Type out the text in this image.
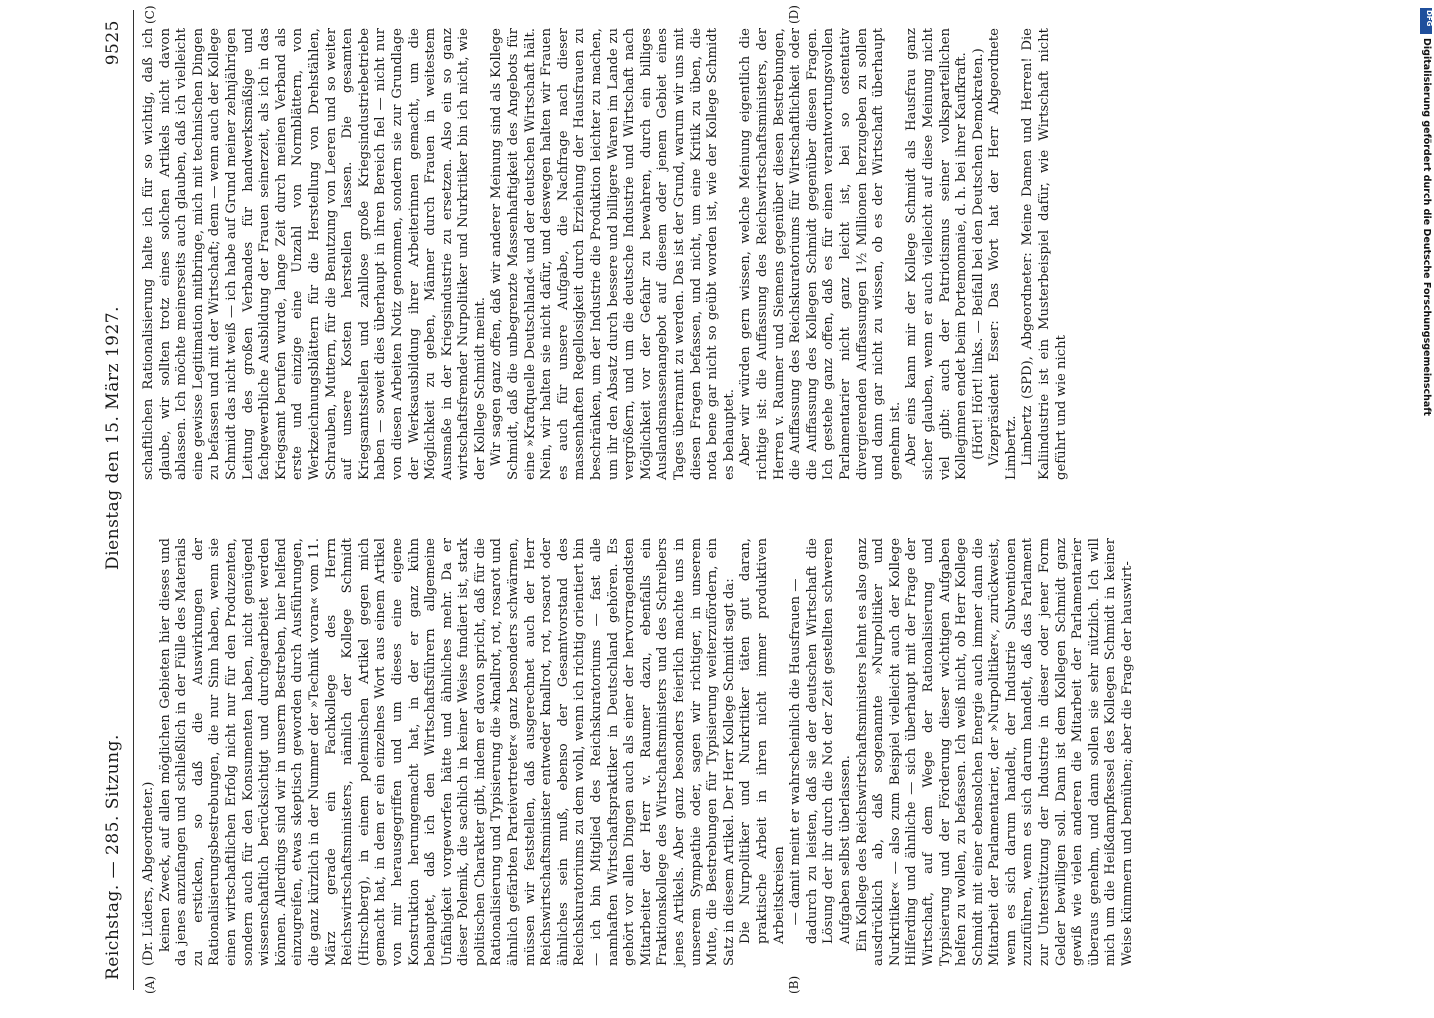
Reichstag. — 285. Sitzung.
Dienstag den 15. März 1927.
9525
(A)	(B)
(C)	(D)

(Dr. Lüders, Abgeordneter.) keinen Zweck, auf allen möglichen Gebieten hier dieses und da jenes anzufangen und schließlich in der Fülle des Materials zu ersticken, so daß die Auswirkungen der Rationalisierungsbestrebungen, die nur Sinn haben, wenn sie einen wirtschaftlichen Erfolg nicht nur für den Produzenten, sondern auch für den Konsumenten haben, nicht genügend wissenschaftlich berücksichtigt und durchgearbeitet werden können. Allerdings sind wir in unserm Bestreben, hier helfend einzugreifen, etwas skeptisch geworden durch Ausführungen, die ganz kürzlich in der Nummer der »Technik voran« vom 11. März gerade ein Fachkollege des Herrn Reichswirtschaftsministers, nämlich der Kollege Schmidt (Hirschberg), in einem polemischen Artikel gegen mich gemacht hat, in dem er ein einzelnes Wort aus einem Artikel von mir herausgegriffen und um dieses eine eigene Konstruktion herumgemacht hat, in der er ganz kühn behauptet, daß ich den Wirtschaftsführern allgemeine Unfähigkeit vorgeworfen hätte und ähnliches mehr. Da er dieser Polemik, die sachlich in keiner Weise fundiert ist, stark politischen Charakter gibt, indem er davon spricht, daß für die Rationalisierung und Typisierung die »knallrot, rot, rosarot und ähnlich gefärbten Parteivertreter« ganz besonders schwärmen, müssen wir feststellen, daß ausgerechnet auch der Herr Reichswirtschaftsminister entweder knallrot, rot, rosarot oder ähnliches sein muß, ebenso der Gesamtvorstand des Reichskuratoriums zu dem wohl, wenn ich richtig orientiert bin — ich bin Mitglied des Reichskuratoriums — fast alle namhaften Wirtschaftspraktiker in Deutschland gehören. Es gehört vor allen Dingen auch als einer der hervorragendsten Mitarbeiter der Herr v. Raumer dazu, ebenfalls ein Fraktionskollege des Wirtschaftsministers und des Schreibers jenes Artikels. Aber ganz besonders feierlich machte uns in unserem Sympathie oder, sagen wir richtiger, in unserem Mute, die Bestrebungen für Typisierung weiterzufördern, ein Satz in diesem Artikel. Der Herr Kollege Schmidt sagt da: Die Nurpolitiker und Nurkritiker täten gut daran, praktische Arbeit in ihren nicht immer produktiven Arbeitskreisen — damit meint er wahrscheinlich die Hausfrauen — dadurch zu leisten, daß sie der deutschen Wirtschaft die Lösung der ihr durch die Not der Zeit gestellten schweren Aufgaben selbst überlassen. Ein Kollege des Reichswirtschaftsministers lehnt es also ganz ausdrücklich ab, daß sogenannte »Nurpolitiker und Nurkritiker« — also zum Beispiel vielleicht auch der Kollege Hilferding und ähnliche — sich überhaupt mit der Frage der Wirtschaft, auf dem Wege der Rationalisierung und Typisierung und der Förderung dieser wichtigen Aufgaben helfen zu wollen, zu befassen. Ich weiß nicht, ob Herr Kollege Schmidt mit einer ebensolchen Energie auch immer dann die Mitarbeit der Parlamentarier, der »Nurpolitiker«, zurückweist, wenn es sich darum handelt, der Industrie Subventionen zuzuführen, wenn es sich darum handelt, daß das Parlament zur Unterstützung der Industrie in dieser oder jener Form Gelder bewilligen soll. Dann ist dem Kollegen Schmidt ganz gewiß wie vielen anderen die Mitarbeit der Parlamentarier überaus genehm, und dann sollen sie sehr nützlich. Ich will mich um die Heißdampfkessel des Kollegen Schmidt in keiner Weise kümmern und bemühen; aber die Frage der hauswirt-

schaftlichen Rationalisierung halte ich für so wichtig, daß ich glaube, wir sollten trotz eines solchen Artikels nicht davon ablassen. Ich möchte meinerseits auch glauben, daß ich vielleicht eine gewisse Legitimation mitbringe, mich mit technischen Dingen zu befassen und mit der Wirtschaft; denn — wenn auch der Kollege Schmidt das nicht weiß — ich habe auf Grund meiner zehnjährigen Leitung des großen Verbandes für handwerksmäßige und fachgewerbliche Ausbildung der Frauen seinerzeit, als ich in das Kriegsamt berufen wurde, lange Zeit durch meinen Verband als erste und einzige eine Unzahl von Normblättern, von Werkzeichnungsblättern für die Herstellung von Drehstählen, Schrauben, Muttern, für die Benutzung von Leeren und so weiter auf unsere Kosten herstellen lassen. Die gesamten Kriegsamtsstellen und zahllose große Kriegsindustriebetriebe haben — soweit dies überhaupt in ihren Bereich fiel — nicht nur von diesen Arbeiten Notiz genommen, sondern sie zur Grundlage der Werksausbildung ihrer Arbeiterinnen gemacht, um die Möglichkeit zu geben, Männer durch Frauen in weitestem Ausmaße in der Kriegsindustrie zu ersetzen. Also ein so ganz wirtschaftsfremder Nurpolitiker und Nurkritiker bin ich nicht, wie der Kollege Schmidt meint. Wir sagen ganz offen, daß wir anderer Meinung sind als Kollege Schmidt, daß die unbegrenzte Massenhaftigkeit des Angebots für eine »Kraftquelle Deutschland« und der deutschen Wirtschaft hält. Nein, wir halten sie nicht dafür, und deswegen halten wir Frauen es auch für unsere Aufgabe, die Nachfrage nach dieser massenhaften Regellosigkeit durch Erziehung der Hausfrauen zu beschränken, um der Industrie die Produktion leichter zu machen, um ihr den Absatz durch bessere und billigere Waren im Lande zu vergrößern, und um die deutsche Industrie und Wirtschaft nach Möglichkeit vor der Gefahr zu bewahren, durch ein billiges Auslandsmassenangebot auf diesem oder jenem Gebiet eines Tages überrannt zu werden. Das ist der Grund, warum wir uns mit diesen Fragen befassen, und nicht, um eine Kritik zu üben, die nota bene gar nicht so geübt worden ist, wie der Kollege Schmidt es behauptet. Aber wir würden gern wissen, welche Meinung eigentlich die richtige ist: die Auffassung des Reichswirtschaftsministers, der Herren v. Raumer und Siemens gegenüber diesen Bestrebungen, die Auffassung des Reichskuratoriums für Wirtschaftlichkeit oder die Auffassung des Kollegen Schmidt gegenüber diesen Fragen. Ich gestehe ganz offen, daß es für einen verantwortungsvollen Parlamentarier nicht ganz leicht ist, bei so ostentativ divergierenden Auffassungen 1½ Millionen herzugeben zu sollen und dann gar nicht zu wissen, ob es der Wirtschaft überhaupt genehm ist. Aber eins kann mir der Kollege Schmidt als Hausfrau ganz sicher glauben, wenn er auch vielleicht auf diese Meinung nicht viel gibt: auch der Patriotismus seiner volksparteilichen Kolleginnen endet beim Portemonnaie, d. h. bei ihrer Kaufkraft. (Hört! Hört! links. — Beifall bei den Deutschen Demokraten.) Vizepräsident Esser: Das Wort hat der Herr Abgeordnete Limbertz. Limbertz (SPD), Abgeordneter: Meine Damen und Herren! Die Kaliindustrie ist ein Musterbeispiel dafür, wie Wirtschaft nicht geführt und wie nicht	Digitalisierung gefördert durch die Deutsche Forschungsgemeinschaft
DFG
